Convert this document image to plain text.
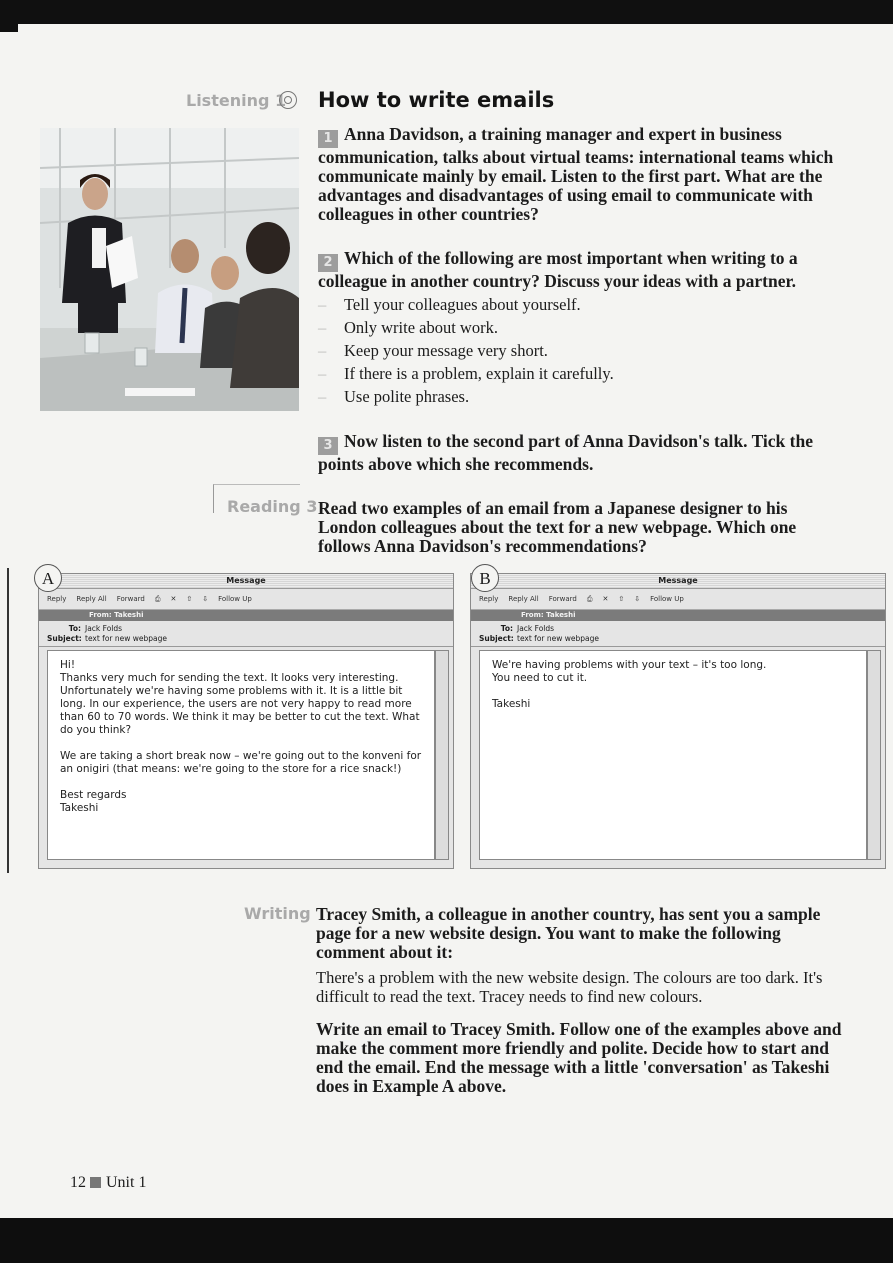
Listening 1
Reading 3
Writing
How to write emails
1 Anna Davidson, a training manager and expert in business communication, talks about virtual teams: international teams which communicate mainly by email. Listen to the first part. What are the advantages and disadvantages of using email to communicate with colleagues in other countries?
2 Which of the following are most important when writing to a colleague in another country? Discuss your ideas with a partner.
– Tell your colleagues about yourself.
– Only write about work.
– Keep your message very short.
– If there is a problem, explain it carefully.
– Use polite phrases.
3 Now listen to the second part of Anna Davidson's talk. Tick the points above which she recommends.
Read two examples of an email from a Japanese designer to his London colleagues about the text for a new webpage. Which one follows Anna Davidson's recommendations?
A	Message
Reply Reply All Forward ⎙ ✕ ⇧ ⇩ Follow Up
From: Takeshi
To: Jack Folds
Subject: text for new webpage

Hi!
Thanks very much for sending the text. It looks very interesting. Unfortunately we're having some problems with it. It is a little bit long. In our experience, the users are not very happy to read more than 60 to 70 words. We think it may be better to cut the text. What do you think?

We are taking a short break now – we're going out to the konveni for an onigiri (that means: we're going to the store for a rice snack!)

Best regards
Takeshi

B	Message
Reply Reply All Forward ⎙ ✕ ⇧ ⇩ Follow Up
From: Takeshi
To: Jack Folds
Subject: text for new webpage

We're having problems with your text – it's too long.
You need to cut it.

Takeshi

Tracey Smith, a colleague in another country, has sent you a sample page for a new website design. You want to make the following comment about it:
There's a problem with the new website design. The colours are too dark. It's difficult to read the text. Tracey needs to find new colours.
Write an email to Tracey Smith. Follow one of the examples above and make the comment more friendly and polite. Decide how to start and end the email. End the message with a little 'conversation' as Takeshi does in Example A above.
12 Unit 1
